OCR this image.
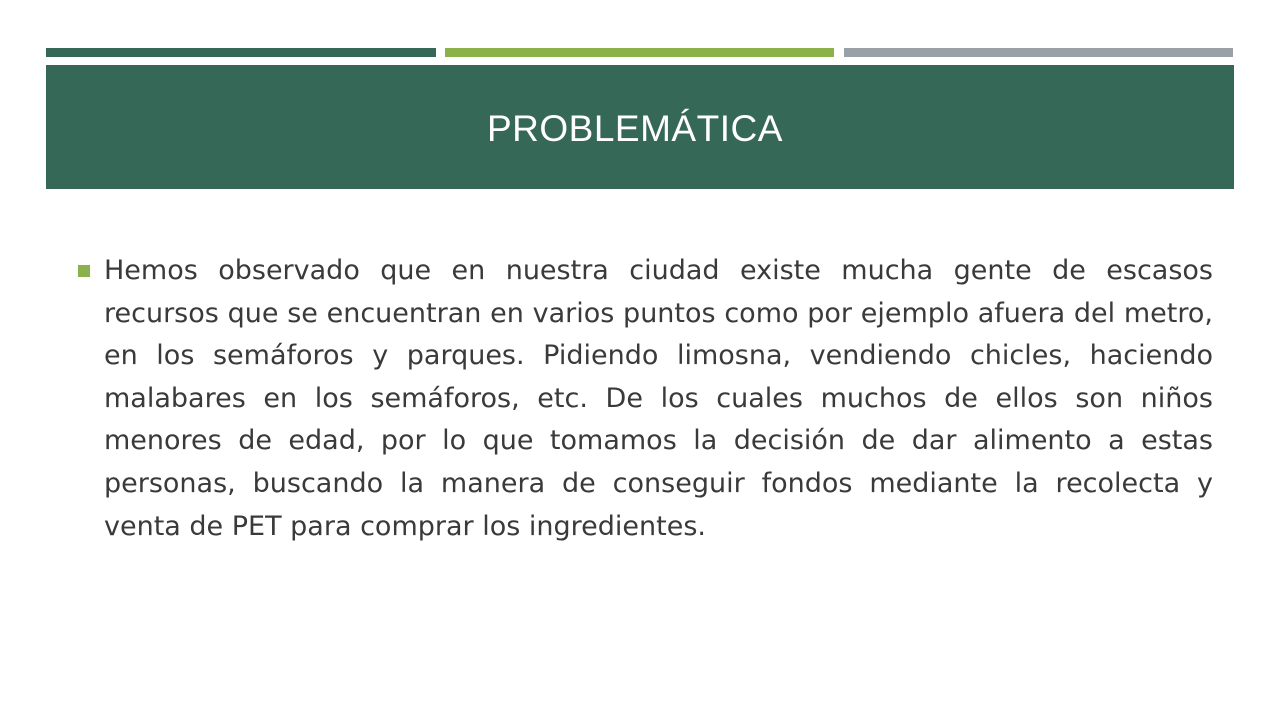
PROBLEMÁTICA

Hemos observado que en nuestra ciudad existe mucha gente de escasos recursos que se encuentran en varios puntos como por ejemplo afuera del metro, en los semáforos y parques. Pidiendo limosna, vendiendo chicles, haciendo malabares en los semáforos, etc. De los cuales muchos de ellos son niños menores de edad, por lo que tomamos la decisión de dar alimento a estas personas, buscando la manera de conseguir fondos mediante la recolecta y venta de PET para comprar los ingredientes.
